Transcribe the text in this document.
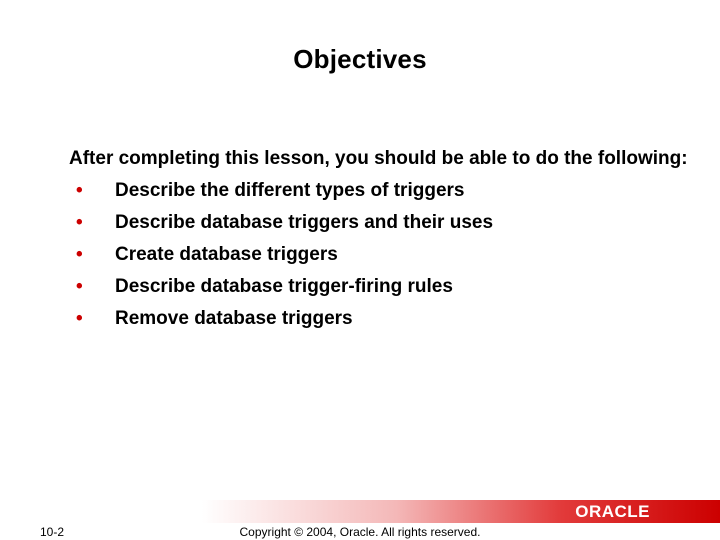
Objectives

After completing this lesson, you should be able to do the following:

• Describe the different types of triggers
• Describe database triggers and their uses
• Create database triggers
• Describe database trigger-firing rules
• Remove database triggers
ORACLE
10-2	Copyright © 2004, Oracle. All rights reserved.
